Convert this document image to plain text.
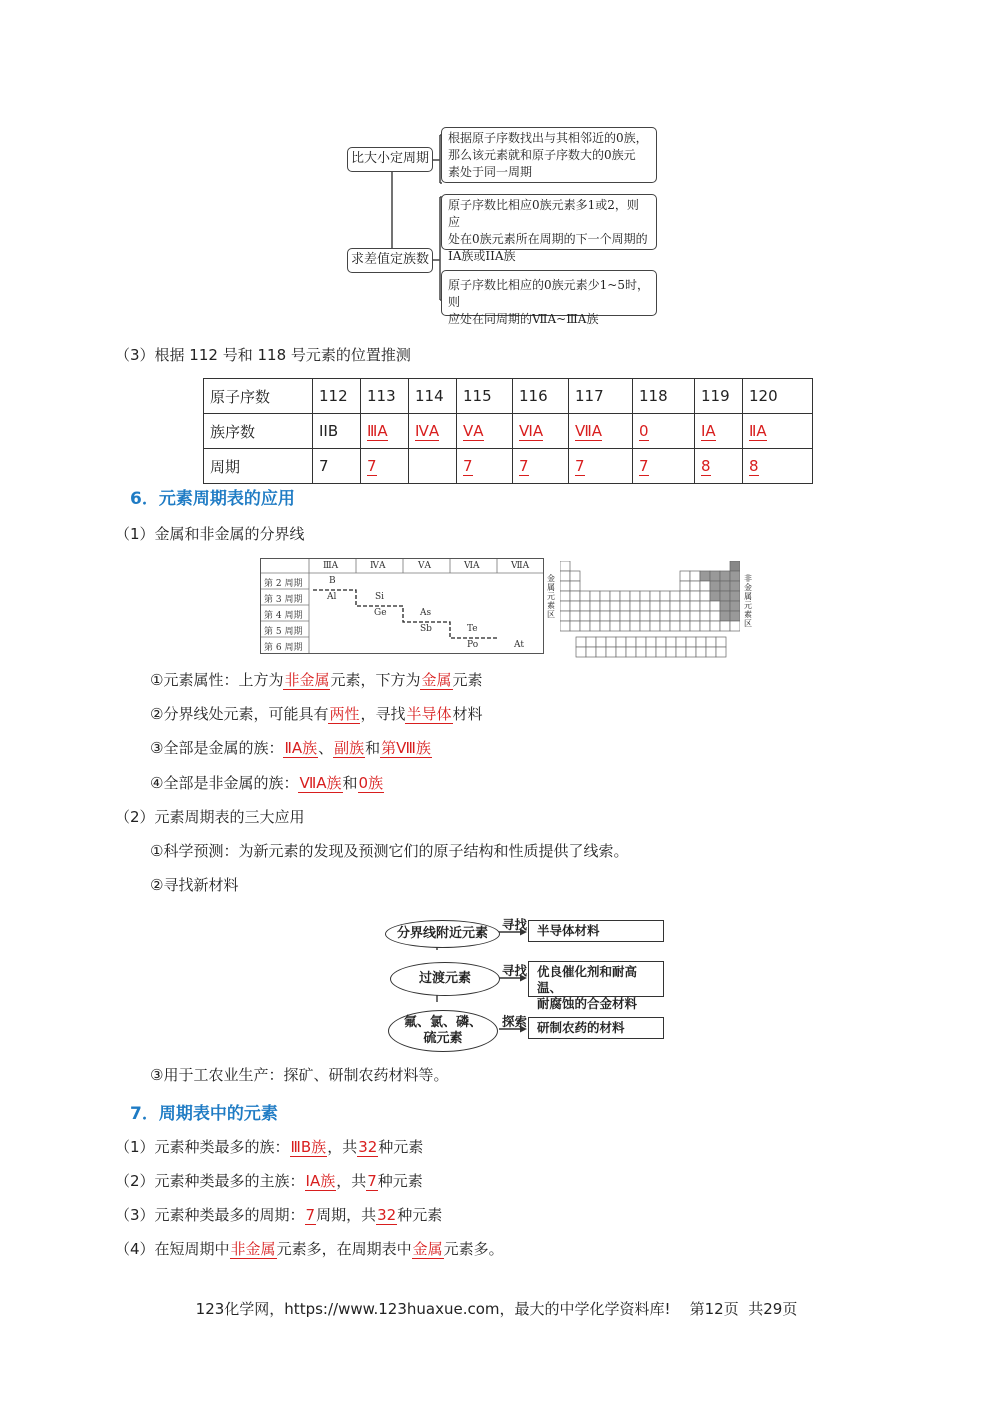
比大小定周期
求差值定族数
根据原子序数找出与其相邻近的0族，
那么该元素就和原子序数大的0族元
素处于同一周期
原子序数比相应0族元素多1或2，则应
处在0族元素所在周期的下一个周期的
IA族或IIA族
原子序数比相应的0族元素少1~5时，则
应处在同周期的ⅦA~ⅢA族
（3）根据 112 号和 118 号元素的位置推测
原子序数	112	113	114	115	116	117	118	119	120
族序数	IIB	ⅢA	ⅣA	ⅤA	ⅥA	ⅦA	0	ⅠA	ⅡA
周期	7	7		7	7	7	7	8	8
6．元素周期表的应用
（1）金属和非金属的分界线
ⅢA	ⅣA	ⅤA	ⅥA	ⅦA
第 2 周期
第 3 周期
第 4 周期
第 5 周期
第 6 周期
B
Al	Si
Ge	As
Sb	Te
Po	At
金属元素区
非金属元素区
①元素属性：上方为非金属元素，下方为金属元素
②分界线处元素，可能具有两性，寻找半导体材料
③全部是金属的族：ⅡA族、副族和第Ⅷ族
④全部是非金属的族：ⅦA族和0族
（2）元素周期表的三大应用
①科学预测：为新元素的发现及预测它们的原子结构和性质提供了线索。
②寻找新材料
分界线附近元素
过渡元素
氟、氯、磷、
硫元素
寻找
寻找
探索
半导体材料
优良催化剂和耐高温、
耐腐蚀的合金材料
研制农药的材料
③用于工农业生产：探矿、研制农药材料等。
7．周期表中的元素
（1）元素种类最多的族：ⅢB族，共32种元素
（2）元素种类最多的主族：ⅠA族，共7种元素
（3）元素种类最多的周期：7周期，共32种元素
（4）在短周期中非金属元素多，在周期表中金属元素多。
123化学网，https://www.123huaxue.com，最大的中学化学资料库!    第12页  共29页
